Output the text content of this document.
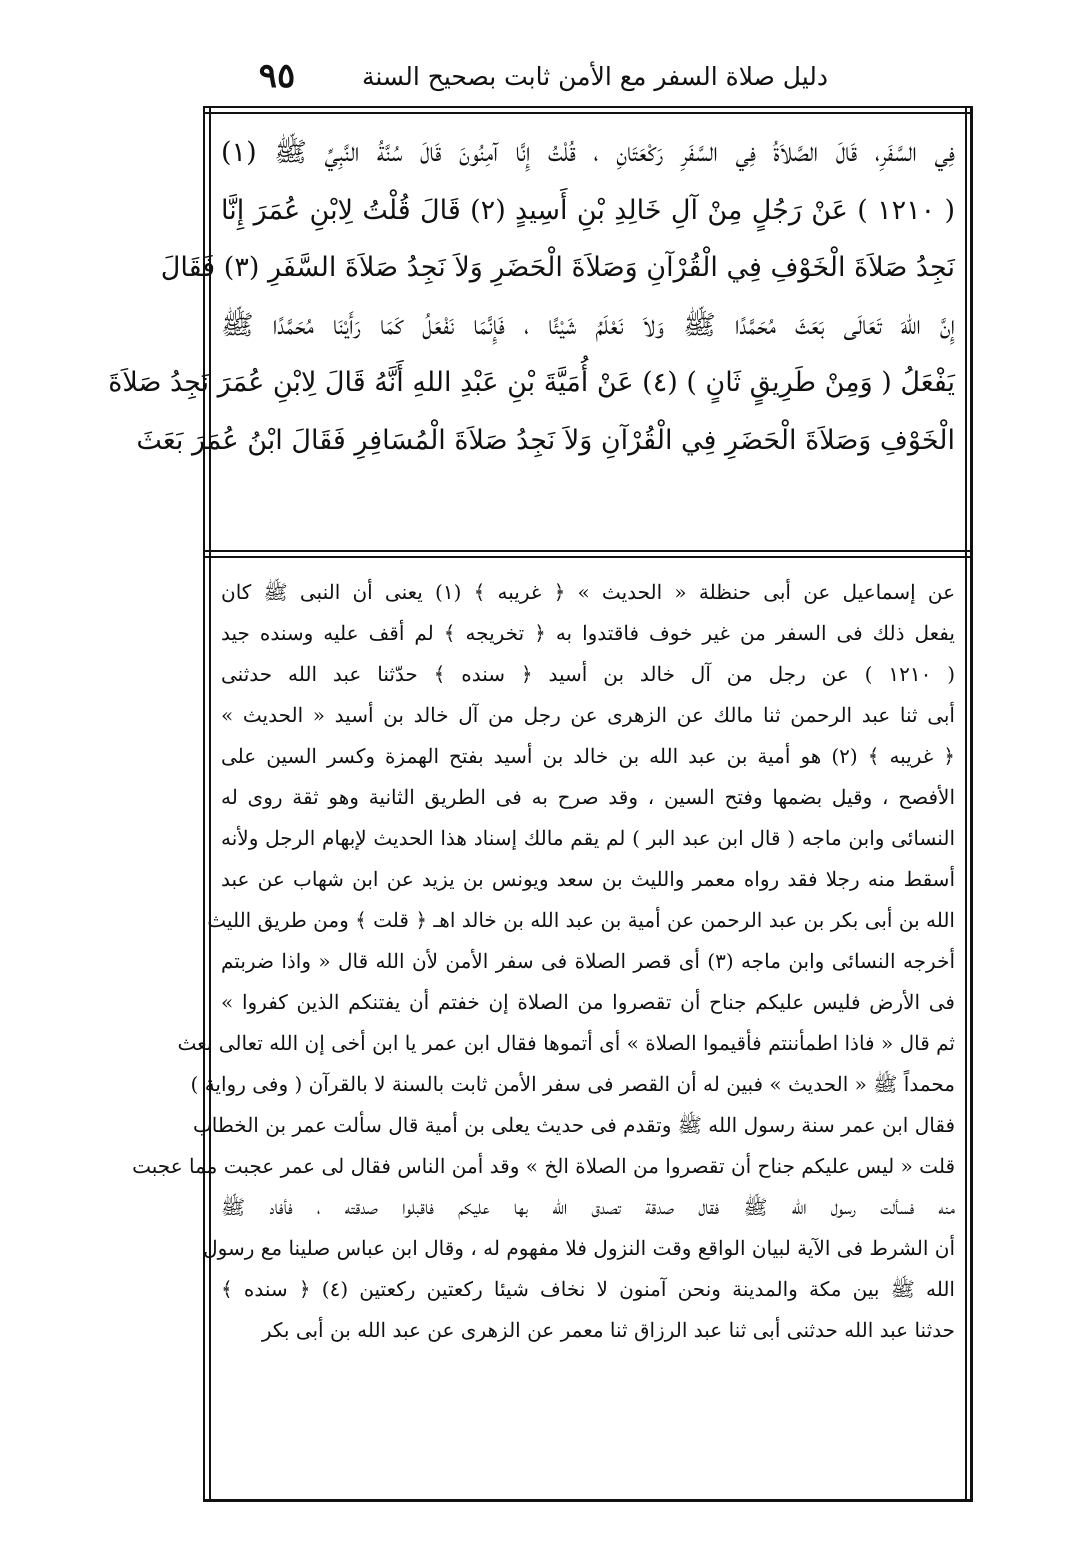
٩٥	دليل صلاة السفر مع الأمن ثابت بصحيح السنة
فِي السَّفَرِ، قَالَ الصَّلاَةُ فِي السَّفَرِ رَكْعَتَانِ ، قُلْتُ إِنَّا آمِنُونَ قَالَ سُنَّةُ النَّبِيِّ ﷺ (١)
( ١٢١٠ ) عَنْ رَجُلٍ مِنْ آلِ خَالِدِ بْنِ أَسِيدٍ (٢) قَالَ قُلْتُ لِابْنِ عُمَرَ إِنَّا
نَجِدُ صَلاَةَ الْخَوْفِ فِي الْقُرْآنِ وَصَلاَةَ الْحَضَرِ وَلاَ نَجِدُ صَلاَةَ السَّفَرِ (٣) فَقَالَ
إِنَّ اللهَ تَعَالَى بَعَثَ مُحَمَّدًا ﷺ وَلاَ نَعْلَمُ شَيْئًا ، فَإِنَّمَا نَفْعَلُ كَمَا رَأَيْنَا مُحَمَّدًا ﷺ
يَفْعَلُ ( وَمِنْ طَرِيقٍ ثَانٍ ) (٤) عَنْ أُمَيَّةَ بْنِ عَبْدِ اللهِ أَنَّهُ قَالَ لِابْنِ عُمَرَ نَجِدُ صَلاَةَ
الْخَوْفِ وَصَلاَةَ الْحَضَرِ فِي الْقُرْآنِ وَلاَ نَجِدُ صَلاَةَ الْمُسَافِرِ فَقَالَ ابْنُ عُمَرَ بَعَثَ
عن إسماعيل عن أبى حنظلة « الحديث » ﴿ غريبه ﴾ (١) يعنى أن النبى ﷺ كان
يفعل ذلك فى السفر من غير خوف فاقتدوا به ﴿ تخريجه ﴾ لم أقف عليه وسنده جيد
( ١٢١٠ ) عن رجل من آل خالد بن أسيد ﴿ سنده ﴾ حدّثنا عبد الله حدثنى
أبى ثنا عبد الرحمن ثنا مالك عن الزهرى عن رجل من آل خالد بن أسيد « الحديث »
﴿ غريبه ﴾ (٢) هو أمية بن عبد الله بن خالد بن أسيد بفتح الهمزة وكسر السين على
الأفصح ، وقيل بضمها وفتح السين ، وقد صرح به فى الطريق الثانية وهو ثقة روى له
النسائى وابن ماجه ( قال ابن عبد البر ) لم يقم مالك إسناد هذا الحديث لإبهام الرجل ولأنه
أسقط منه رجلا فقد رواه معمر والليث بن سعد ويونس بن يزيد عن ابن شهاب عن عبد
الله بن أبى بكر بن عبد الرحمن عن أمية بن عبد الله بن خالد اهـ ﴿ قلت ﴾ ومن طريق الليث
أخرجه النسائى وابن ماجه (٣) أى قصر الصلاة فى سفر الأمن لأن الله قال « واذا ضربتم
فى الأرض فليس عليكم جناح أن تقصروا من الصلاة إن خفتم أن يفتنكم الذين كفروا »
ثم قال « فاذا اطمأننتم فأقيموا الصلاة » أى أتموها فقال ابن عمر يا ابن أخى إن الله تعالى بعث
محمداً ﷺ « الحديث » فبين له أن القصر فى سفر الأمن ثابت بالسنة لا بالقرآن ( وفى رواية )
فقال ابن عمر سنة رسول الله ﷺ وتقدم فى حديث يعلى بن أمية قال سألت عمر بن الخطاب
قلت « ليس عليكم جناح أن تقصروا من الصلاة الخ » وقد أمن الناس فقال لى عمر عجبت مما عجبت
منه فسألت رسول الله ﷺ فقال صدقة تصدق الله بها عليكم فاقبلوا صدقته ، فأفاد ﷺ
أن الشرط فى الآية لبيان الواقع وقت النزول فلا مفهوم له ، وقال ابن عباس صلينا مع رسول
الله ﷺ بين مكة والمدينة ونحن آمنون لا نخاف شيئا ركعتين ركعتين (٤) ﴿ سنده ﴾
حدثنا عبد الله حدثنى أبى ثنا عبد الرزاق ثنا معمر عن الزهرى عن عبد الله بن أبى بكر
